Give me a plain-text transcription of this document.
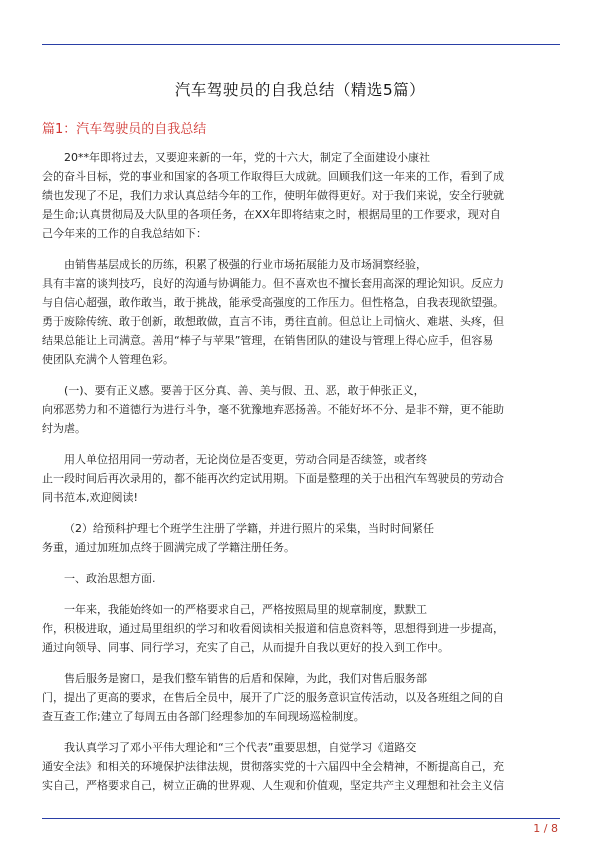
汽车驾驶员的自我总结（精选5篇）
篇1：汽车驾驶员的自我总结

20**年即将过去，又要迎来新的一年，党的十六大，制定了全面建设小康社

会的奋斗目标，党的事业和国家的各项工作取得巨大成就。回顾我们这一年来的工作，看到了成

绩也发现了不足，我们力求认真总结今年的工作，使明年做得更好。对于我们来说，安全行驶就

是生命;认真贯彻局及大队里的各项任务，在XX年即将结束之时，根据局里的工作要求，现对自

己今年来的工作的自我总结如下：

由销售基层成长的历练，积累了极强的行业市场拓展能力及市场洞察经验，

具有丰富的谈判技巧，良好的沟通与协调能力。但不喜欢也不擅长套用高深的理论知识。反应力

与自信心超强，敢作敢当，敢于挑战，能承受高强度的工作压力。但性格急，自我表现欲望强。

勇于废除传统、敢于创新，敢想敢做，直言不讳，勇往直前。但总让上司恼火、难堪、头疼，但

结果总能让上司满意。善用“棒子与苹果”管理，在销售团队的建设与管理上得心应手，但容易

使团队充满个人管理色彩。

(一)、要有正义感。要善于区分真、善、美与假、丑、恶，敢于伸张正义，

向邪恶势力和不道德行为进行斗争，毫不犹豫地弃恶扬善。不能好坏不分、是非不辩，更不能助

纣为虐。

用人单位招用同一劳动者，无论岗位是否变更，劳动合同是否续签，或者终

止一段时间后再次录用的，都不能再次约定试用期。下面是整理的关于出租汽车驾驶员的劳动合

同书范本,欢迎阅读!

（2）给预科护理七个班学生注册了学籍，并进行照片的采集，当时时间紧任

务重，通过加班加点终于圆满完成了学籍注册任务。

一、政治思想方面.

一年来，我能始终如一的严格要求自己，严格按照局里的规章制度，默默工

作，积极进取，通过局里组织的学习和收看阅读相关报道和信息资料等，思想得到进一步提高，

通过向领导、同事、同行学习，充实了自己，从而提升自我以更好的投入到工作中。

售后服务是窗口，是我们整车销售的后盾和保障，为此，我们对售后服务部

门，提出了更高的要求，在售后全员中，展开了广泛的服务意识宣传活动，以及各班组之间的自

查互查工作;建立了每周五由各部门经理参加的车间现场巡检制度。

我认真学习了邓小平伟大理论和“三个代表”重要思想，自觉学习《道路交

通安全法》和相关的环境保护法律法规，贯彻落实党的十六届四中全会精神，不断提高自己，充

实自己，严格要求自己，树立正确的世界观、人生观和价值观，坚定共产主义理想和社会主义信

1 / 8
